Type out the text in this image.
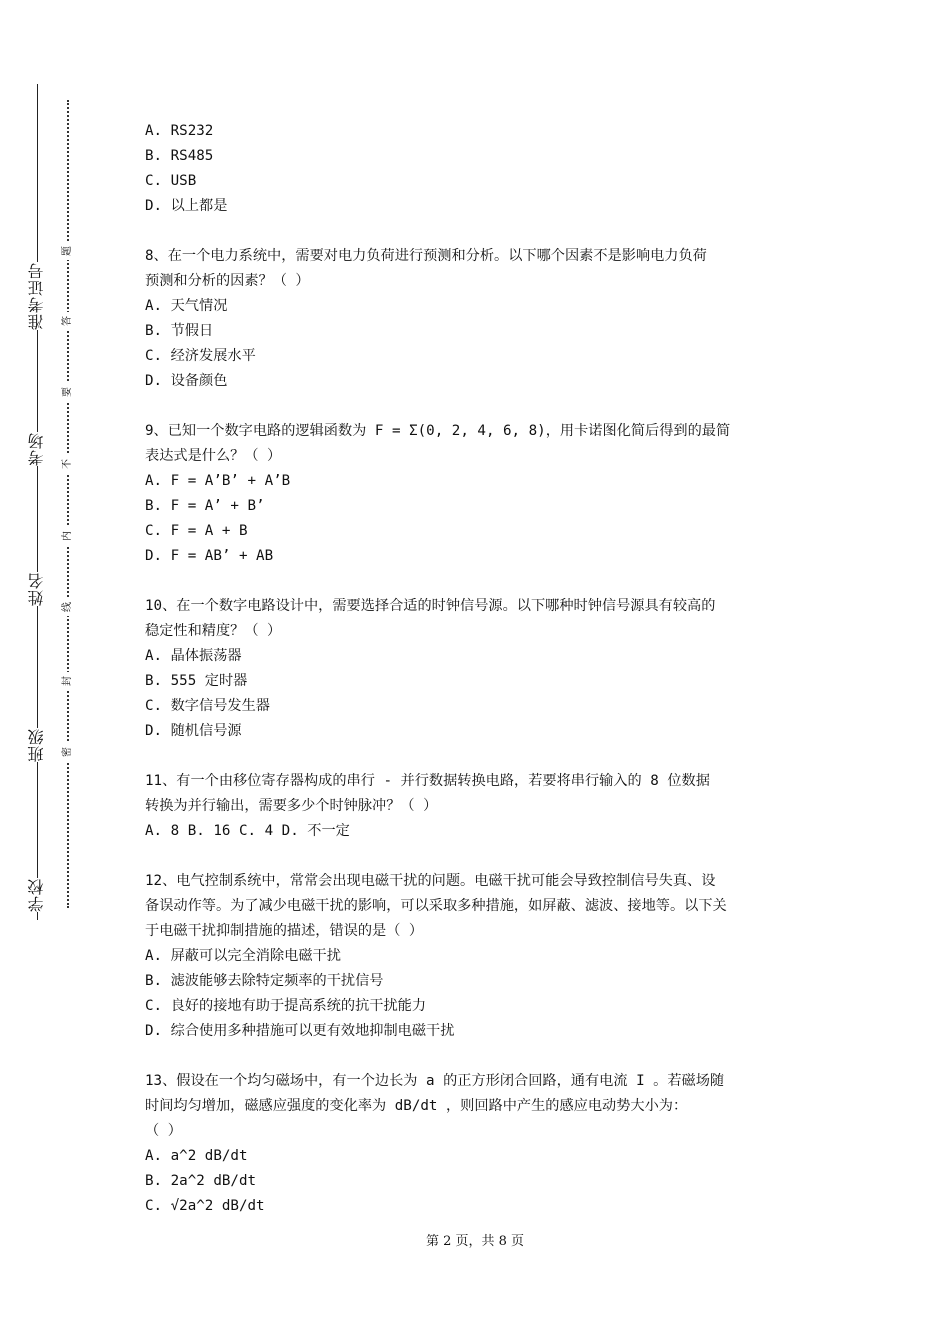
准考证号
考场
姓名
班级
学校
题
答
要
不
内
线
封
密
A. RS232
B. RS485
C. USB
D. 以上都是
8、在一个电力系统中，需要对电力负荷进行预测和分析。以下哪个因素不是影响电力负荷
预测和分析的因素？（ ）
A. 天气情况
B. 节假日
C. 经济发展水平
D. 设备颜色
9、已知一个数字电路的逻辑函数为 F = Σ(0, 2, 4, 6, 8)，用卡诺图化简后得到的最简
表达式是什么？（ ）
A. F = A’B’ + A’B
B. F = A’ + B’
C. F = A + B
D. F = AB’ + AB
10、在一个数字电路设计中，需要选择合适的时钟信号源。以下哪种时钟信号源具有较高的
稳定性和精度？（ ）
A. 晶体振荡器
B. 555 定时器
C. 数字信号发生器
D. 随机信号源
11、有一个由移位寄存器构成的串行 - 并行数据转换电路，若要将串行输入的 8 位数据
转换为并行输出，需要多少个时钟脉冲？（ ）
A. 8 B. 16 C. 4 D. 不一定
12、电气控制系统中，常常会出现电磁干扰的问题。电磁干扰可能会导致控制信号失真、设
备误动作等。为了减少电磁干扰的影响，可以采取多种措施，如屏蔽、滤波、接地等。以下关
于电磁干扰抑制措施的描述，错误的是（ ）
A. 屏蔽可以完全消除电磁干扰
B. 滤波能够去除特定频率的干扰信号
C. 良好的接地有助于提高系统的抗干扰能力
D. 综合使用多种措施可以更有效地抑制电磁干扰
13、假设在一个均匀磁场中，有一个边长为 a 的正方形闭合回路，通有电流 I 。若磁场随
时间均匀增加，磁感应强度的变化率为 dB/dt ，则回路中产生的感应电动势大小为：
（ ）
A. a^2 dB/dt
B. 2a^2 dB/dt
C. √2a^2 dB/dt
第 2 页，共 8 页
